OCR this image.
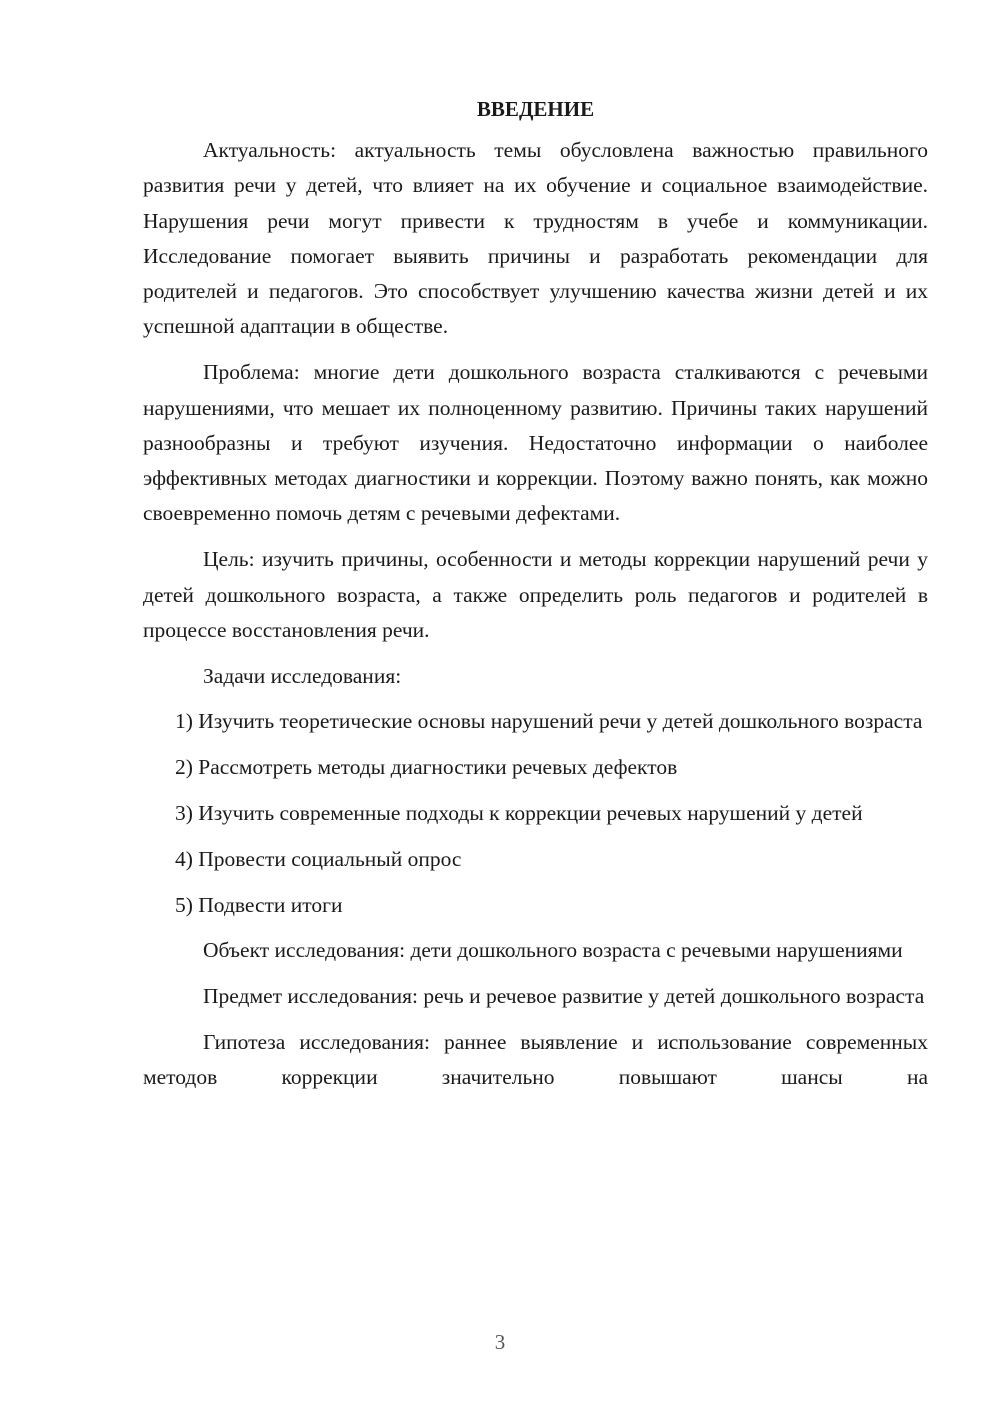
ВВЕДЕНИЕ

Актуальность: актуальность темы обусловлена важностью правильного развития речи у детей, что влияет на их обучение и социальное взаимодействие. Нарушения речи могут привести к трудностям в учебе и коммуникации. Исследование помогает выявить причины и разработать рекомендации для родителей и педагогов. Это способствует улучшению качества жизни детей и их успешной адаптации в обществе.

Проблема: многие дети дошкольного возраста сталкиваются с речевыми нарушениями, что мешает их полноценному развитию. Причины таких нарушений разнообразны и требуют изучения. Недостаточно информации о наиболее эффективных методах диагностики и коррекции. Поэтому важно понять, как можно своевременно помочь детям с речевыми дефектами.

Цель: изучить причины, особенности и методы коррекции нарушений речи у детей дошкольного возраста, а также определить роль педагогов и родителей в процессе восстановления речи.

Задачи исследования:

1) Изучить теоретические основы нарушений речи у детей дошкольного возраста

2) Рассмотреть методы диагностики речевых дефектов

3) Изучить современные подходы к коррекции речевых нарушений у детей

4) Провести социальный опрос

5) Подвести итоги

Объект исследования: дети дошкольного возраста с речевыми нарушениями

Предмет исследования: речь и речевое развитие у детей дошкольного возраста

Гипотеза исследования: раннее выявление и использование современных методов коррекции значительно повышают шансы на

3
